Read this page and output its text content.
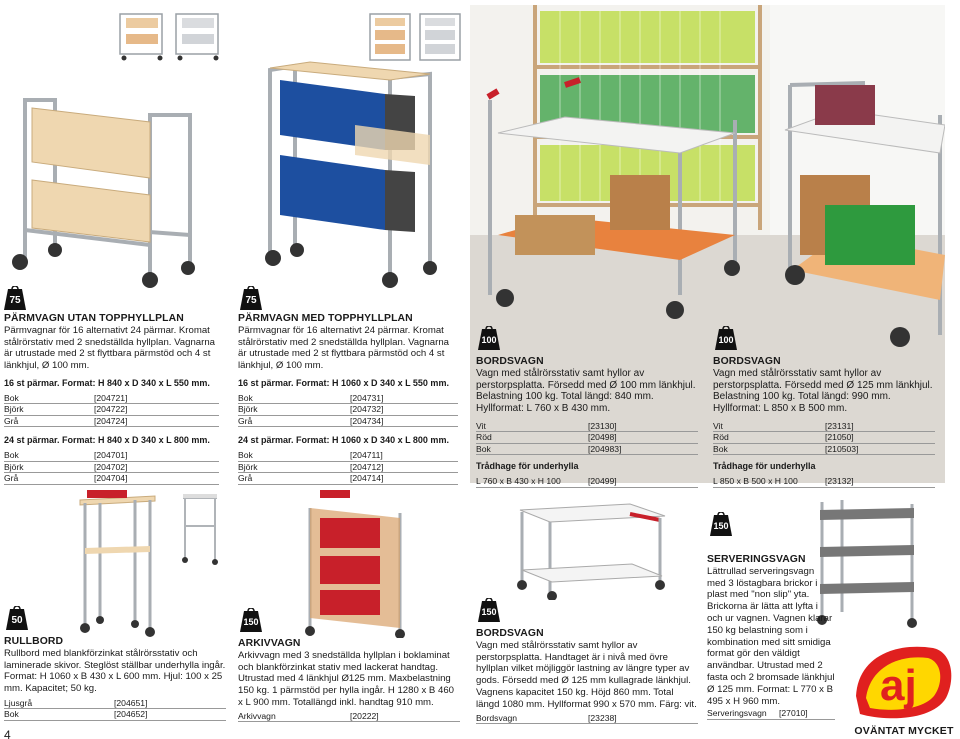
aj
OVÄNTAT MYCKET
75	75
100	100
50	150
150
150
PÄRMVAGN UTAN TOPPHYLLPLAN
Pärmvagnar för 16 alternativt 24 pärmar. Kromat stålrörstativ med 2 snedställda hyllplan. Vagnarna är utrustade med 2 st flyttbara pärmstöd och 4 st länkhjul, Ø 100 mm.
16 st pärmar. Format: H 840 x D 340 x L 550 mm.
Bok	[204721]
Björk	[204722]
Grå	[204724]
24 st pärmar. Format: H 840 x D 340 x L 800 mm.
Bok	[204701]
Björk	[204702]
Grå	[204704]
PÄRMVAGN MED TOPPHYLLPLAN
Pärmvagnar för 16 alternativt 24 pärmar. Kromat stålrörstativ med 2 snedställda hyllplan. Vagnarna är utrustade med 2 st flyttbara pärmstöd och 4 st länkhjul, Ø 100 mm.
16 st pärmar. Format: H 1060 x D 340 x L 550 mm.
Bok	[204731]
Björk	[204732]
Grå	[204734]
24 st pärmar. Format: H 1060 x D 340 x L 800 mm.
Bok	[204711]
Björk	[204712]
Grå	[204714]
BORDSVAGN
Vagn med stålrörsstativ samt hyllor av perstorpsplatta. Försedd med Ø 100 mm länkhjul. Belastning 100 kg. Total längd: 840 mm. Hyllformat: L 760 x B 430 mm.
Vit	[23130]
Röd	[20498]
Bok	[204983]
Trådhage för underhylla
L 760 x B 430 x H 100	[20499]
BORDSVAGN
Vagn med stålrörsstativ samt hyllor av perstorpsplatta. Försedd med Ø 125 mm länkhjul. Belastning 100 kg. Total längd: 990 mm. Hyllformat: L 850 x B 500 mm.
Vit	[23131]
Röd	[21050]
Bok	[210503]
Trådhage för underhylla
L 850 x B 500 x H 100	[23132]
RULLBORD
Rullbord med blankförzinkat stålrörsstativ och laminerade skivor. Steglöst ställbar underhylla ingår. Format: H 1060 x B 430 x L 600 mm. Hjul: 100 x 25 mm. Kapacitet; 50 kg.
Ljusgrå	[204651]
Bok	[204652]
ARKIVVAGN
Arkivvagn med 3 snedställda hyllplan i boklaminat och blankförzinkat stativ med lackerat handtag. Utrustad med 4 länkhjul Ø125 mm. Maxbelastning 150 kg. 1 pärmstöd per hylla ingår. H 1280 x B 460 x L 900 mm. Totallängd inkl. handtag 910 mm.
Arkivvagn	[20222]
BORDSVAGN
Vagn med stålrörsstativ samt hyllor av perstorpsplatta. Handtaget är i nivå med övre hyllplan vilket möjliggör lastning av längre typer av gods. Försedd med Ø 125 mm kullagrade länkhjul. Vagnens kapacitet 150 kg. Höjd 860 mm. Total längd 1080 mm. Hyllformat 990 x 570 mm. Färg: vit.
Bordsvagn	[23238]
SERVERINGSVAGN
Lättrullad serveringsvagn med 3 löstagbara brickor i plast med "non slip" yta. Brickorna är lätta att lyfta i och ur vagnen. Vagnen klarar 150 kg belastning som i kombination med sitt smidiga format gör den väldigt användbar. Utrustad med 2 fasta och 2 bromsade länkhjul Ø 125 mm. Format: L 770 x B 495 x H 960 mm.
Serveringsvagn	[27010]
4
